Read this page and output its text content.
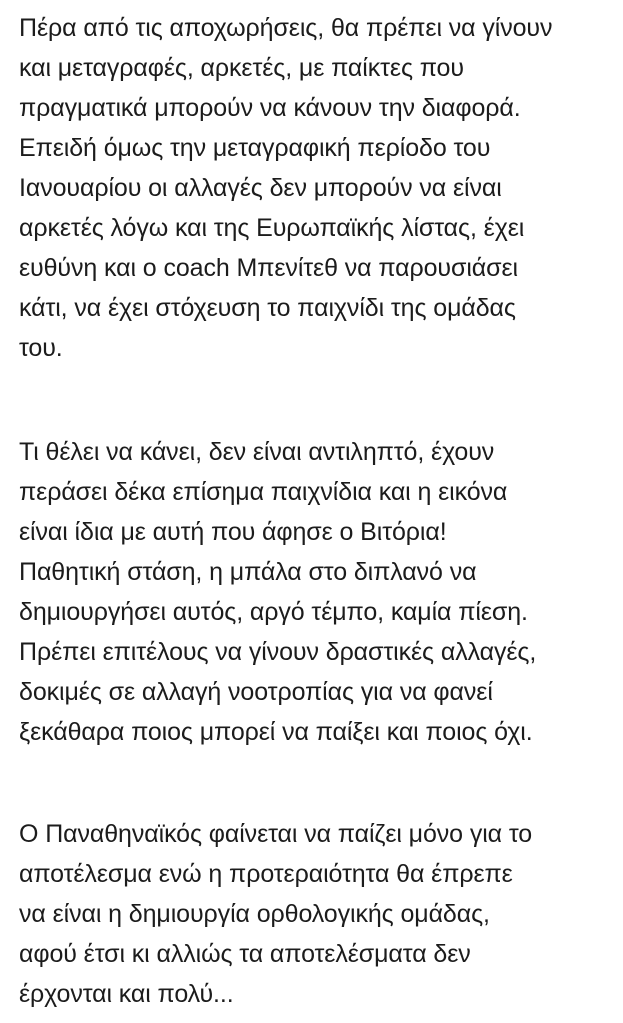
Πέρα από τις αποχωρήσεις, θα πρέπει να γίνουν
και μεταγραφές, αρκετές, με παίκτες που
πραγματικά μπορούν να κάνουν την διαφορά.
Επειδή όμως την μεταγραφική περίοδο του
Ιανουαρίου οι αλλαγές δεν μπορούν να είναι
αρκετές λόγω και της Ευρωπαϊκής λίστας, έχει
ευθύνη και ο coach Μπενίτεθ να παρουσιάσει
κάτι, να έχει στόχευση το παιχνίδι της ομάδας
του.
Τι θέλει να κάνει, δεν είναι αντιληπτό, έχουν
περάσει δέκα επίσημα παιχνίδια και η εικόνα
είναι ίδια με αυτή που άφησε ο Βιτόρια!
Παθητική στάση, η μπάλα στο διπλανό να
δημιουργήσει αυτός, αργό τέμπο, καμία πίεση.
Πρέπει επιτέλους να γίνουν δραστικές αλλαγές,
δοκιμές σε αλλαγή νοοτροπίας για να φανεί
ξεκάθαρα ποιος μπορεί να παίξει και ποιος όχι.
Ο Παναθηναϊκός φαίνεται να παίζει μόνο για το
αποτέλεσμα ενώ η προτεραιότητα θα έπρεπε
να είναι η δημιουργία ορθολογικής ομάδας,
αφού έτσι κι αλλιώς τα αποτελέσματα δεν
έρχονται και πολύ...
